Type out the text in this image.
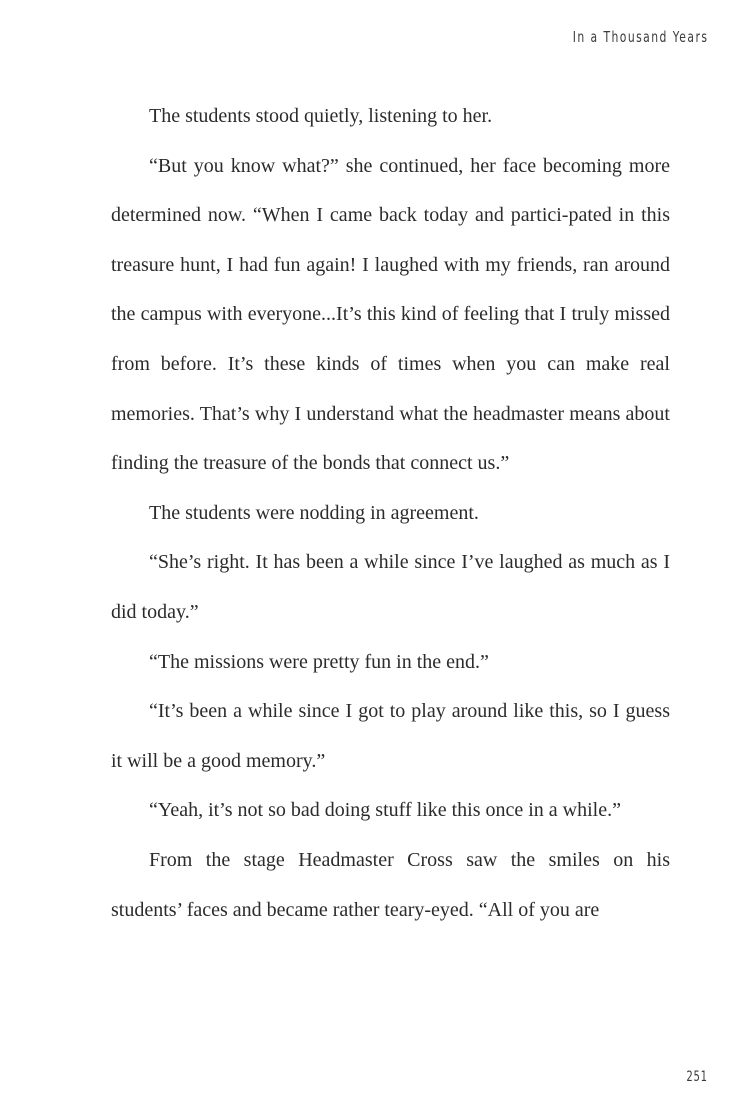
In a Thousand Years

The students stood quietly, listening to her.

“But you know what?” she continued, her face becoming more determined now. “When I came back today and partici-pated in this treasure hunt, I had fun again! I laughed with my friends, ran around the campus with everyone...It’s this kind of feeling that I truly missed from before. It’s these kinds of times when you can make real memories. That’s why I understand what the headmaster means about finding the treasure of the bonds that connect us.”

The students were nodding in agreement.

“She’s right. It has been a while since I’ve laughed as much as I did today.”

“The missions were pretty fun in the end.”

“It’s been a while since I got to play around like this, so I guess it will be a good memory.”

“Yeah, it’s not so bad doing stuff like this once in a while.”

From the stage Headmaster Cross saw the smiles on his students’ faces and became rather teary-eyed. “All of you are

251
